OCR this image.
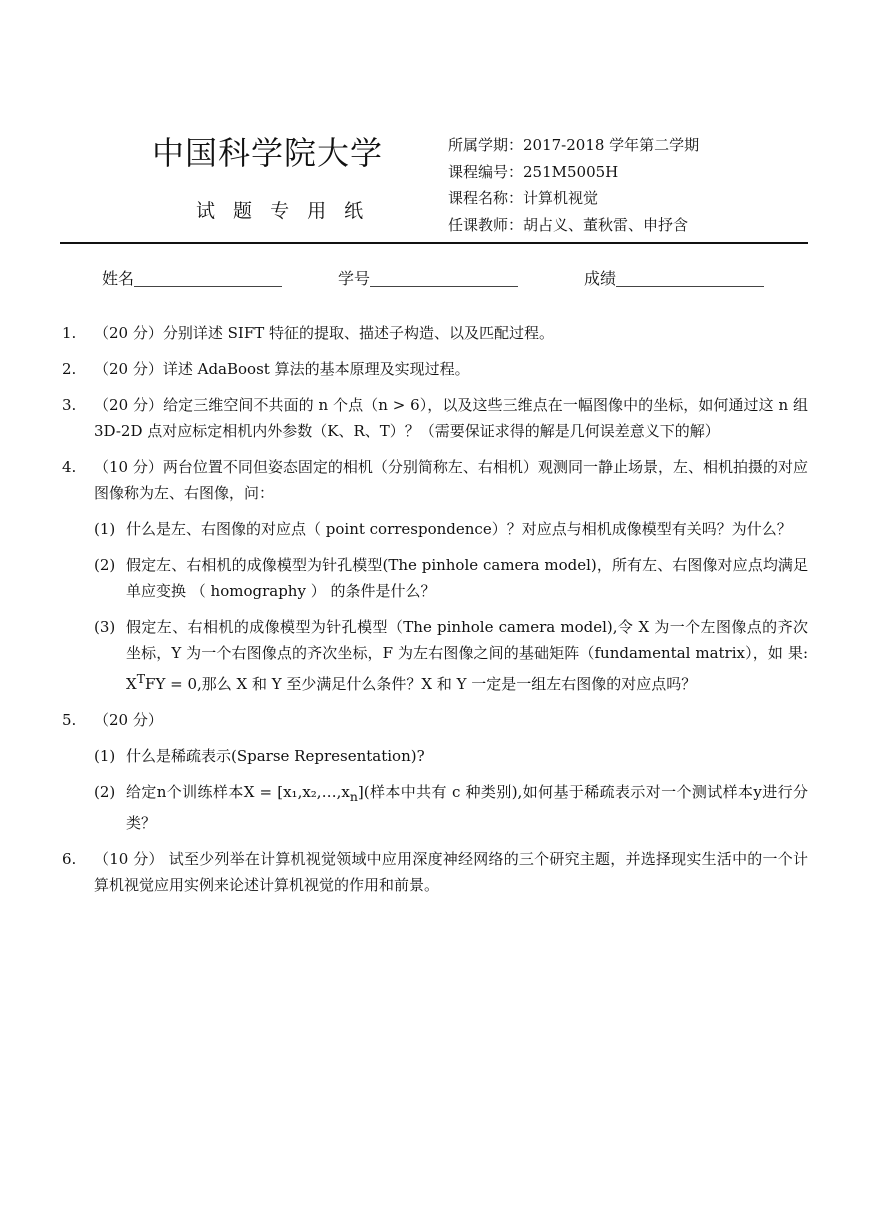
中国科学院大学
试 题 专 用 纸
所属学期：2017-2018 学年第二学期
课程编号：251M5005H
课程名称：计算机视觉
任课教师：胡占义、董秋雷、申抒含
姓名	学号	成绩
1. （20 分）分别详述 SIFT 特征的提取、描述子构造、以及匹配过程。
2. （20 分）详述 AdaBoost 算法的基本原理及实现过程。
3. （20 分）给定三维空间不共面的 n 个点（n > 6），以及这些三维点在一幅图像中的坐标，如何通过这 n 组 3D-2D 点对应标定相机内外参数（K、R、T）？（需要保证求得的解是几何误差意义下的解）
4. （10 分）两台位置不同但姿态固定的相机（分别简称左、右相机）观测同一静止场景，左、相机拍摄的对应图像称为左、右图像，问：
(1) 什么是左、右图像的对应点（ point correspondence）？对应点与相机成像模型有关吗？为什么？
(2) 假定左、右相机的成像模型为针孔模型(The pinhole camera model)，所有左、右图像对应点均满足单应变换 （ homography ） 的条件是什么？
(3) 假定左、右相机的成像模型为针孔模型（The pinhole camera model),令 X 为一个左图像点的齐次坐标，Y 为一个右图像点的齐次坐标，F 为左右图像之间的基础矩阵（fundamental matrix），如 果: $X^TFY = 0$,那么 X 和 Y 至少满足什么条件？X 和 Y 一定是一组左右图像的对应点吗？
5. （20 分）
(1) 什么是稀疏表示(Sparse Representation)?
(2) 给定n个训练样本$X = [x_1,x_2,\dots,x_n]$(样本中共有 c 种类别),如何基于稀疏表示对一个测试样本y进行分类？
6. （10 分） 试至少列举在计算机视觉领域中应用深度神经网络的三个研究主题，并选择现实生活中的一个计算机视觉应用实例来论述计算机视觉的作用和前景。
